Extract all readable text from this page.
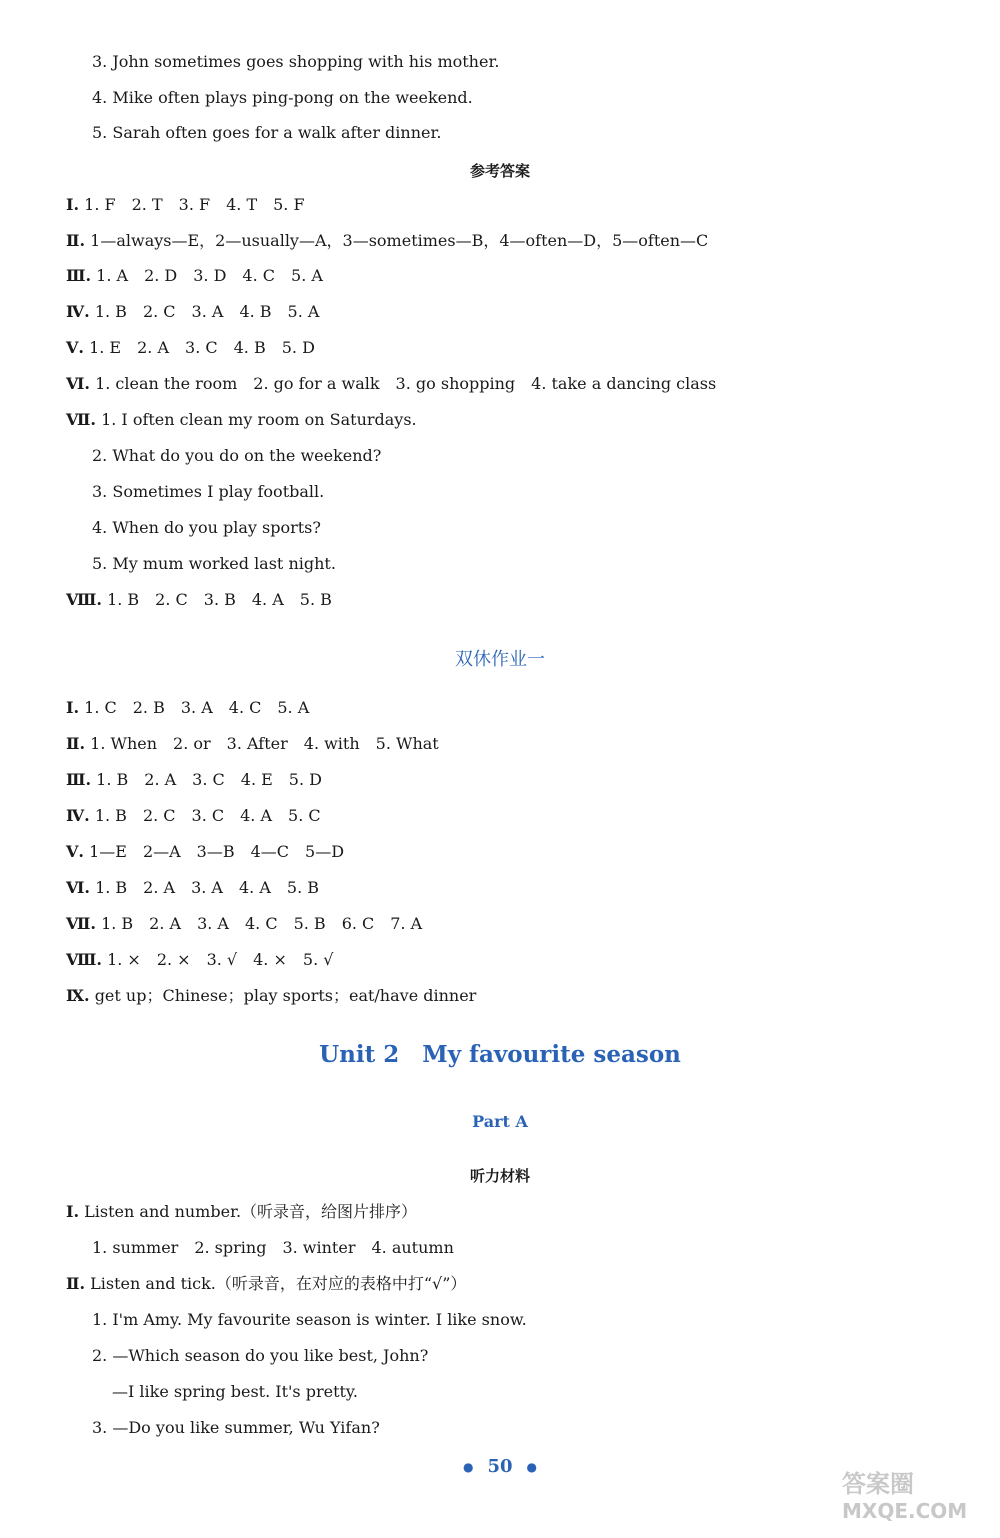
3. John sometimes goes shopping with his mother.
4. Mike often plays ping-pong on the weekend.
5. Sarah often goes for a walk after dinner.
参考答案
Ⅰ. 1. F　2. T　3. F　4. T　5. F
Ⅱ. 1—always—E，2—usually—A，3—sometimes—B，4—often—D，5—often—C
Ⅲ. 1. A　2. D　3. D　4. C　5. A
Ⅳ. 1. B　2. C　3. A　4. B　5. A
Ⅴ. 1. E　2. A　3. C　4. B　5. D
Ⅵ. 1. clean the room　2. go for a walk　3. go shopping　4. take a dancing class
Ⅶ. 1. I often clean my room on Saturdays.
2. What do you do on the weekend?
3. Sometimes I play football.
4. When do you play sports?
5. My mum worked last night.
Ⅷ. 1. B　2. C　3. B　4. A　5. B
双休作业一
Ⅰ. 1. C　2. B　3. A　4. C　5. A
Ⅱ. 1. When　2. or　3. After　4. with　5. What
Ⅲ. 1. B　2. A　3. C　4. E　5. D
Ⅳ. 1. B　2. C　3. C　4. A　5. C
Ⅴ. 1—E　2—A　3—B　4—C　5—D
Ⅵ. 1. B　2. A　3. A　4. A　5. B
Ⅶ. 1. B　2. A　3. A　4. C　5. B　6. C　7. A
Ⅷ. 1. ×　2. ×　3. √　4. ×　5. √
Ⅸ. get up；Chinese；play sports；eat/have dinner
Unit 2　My favourite season
Part A
听力材料
Ⅰ. Listen and number.（听录音，给图片排序）
1. summer　2. spring　3. winter　4. autumn
Ⅱ. Listen and tick.（听录音，在对应的表格中打“√”）
1. I'm Amy. My favourite season is winter. I like snow.
2. —Which season do you like best, John?
—I like spring best. It's pretty.
3. —Do you like summer, Wu Yifan?
● 50 ●
答案圈
MXQE.COM
